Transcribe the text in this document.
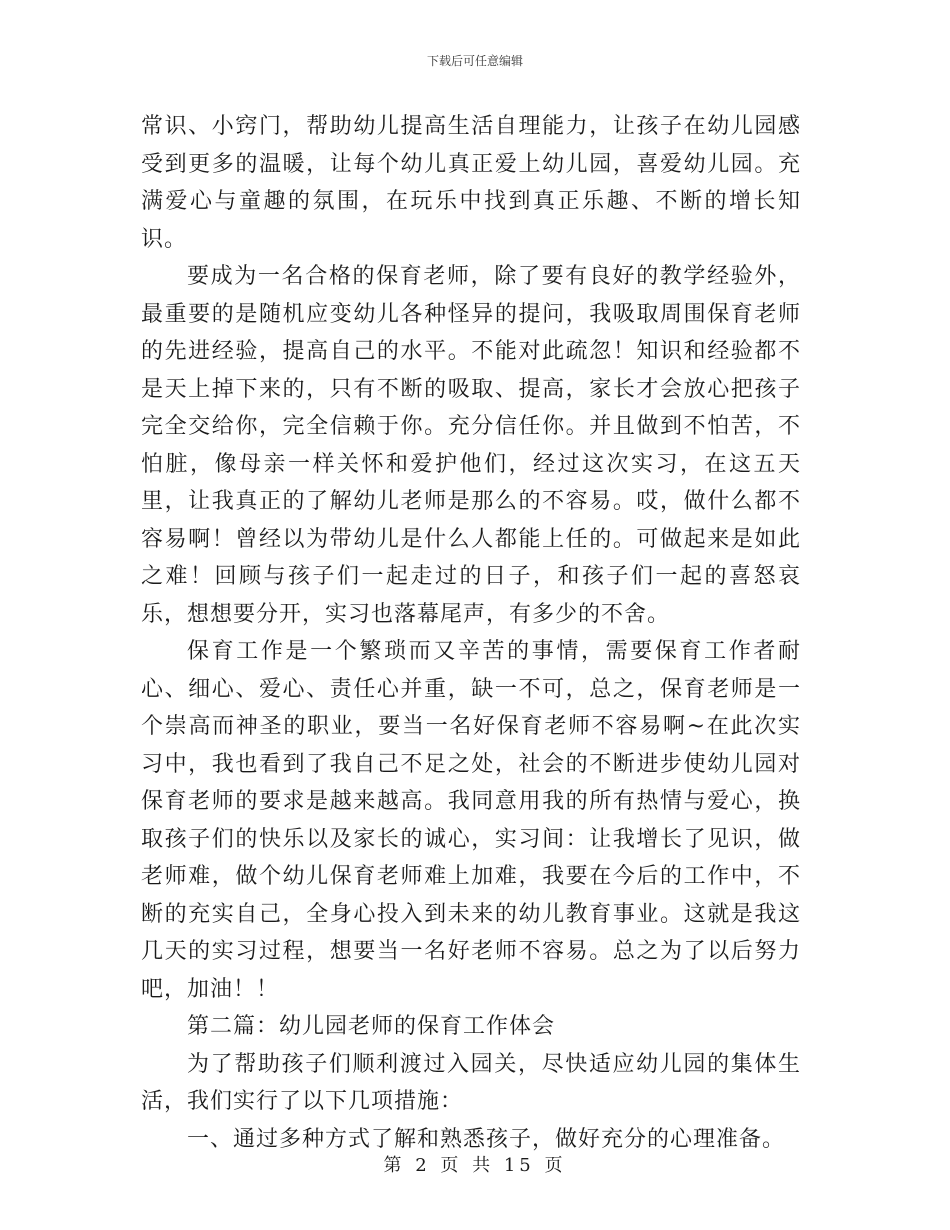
下载后可任意编辑

常识、小窍门，帮助幼儿提高生活自理能力，让孩子在幼儿园感受到更多的温暖，让每个幼儿真正爱上幼儿园，喜爱幼儿园。充满爱心与童趣的氛围，在玩乐中找到真正乐趣、不断的增长知识。

要成为一名合格的保育老师，除了要有良好的教学经验外，最重要的是随机应变幼儿各种怪异的提问，我吸取周围保育老师的先进经验，提高自己的水平。不能对此疏忽！知识和经验都不是天上掉下来的，只有不断的吸取、提高，家长才会放心把孩子完全交给你，完全信赖于你。充分信任你。并且做到不怕苦，不怕脏，像母亲一样关怀和爱护他们，经过这次实习，在这五天里，让我真正的了解幼儿老师是那么的不容易。哎，做什么都不容易啊！曾经以为带幼儿是什么人都能上任的。可做起来是如此之难！回顾与孩子们一起走过的日子，和孩子们一起的喜怒哀乐，想想要分开，实习也落幕尾声，有多少的不舍。

保育工作是一个繁琐而又辛苦的事情，需要保育工作者耐心、细心、爱心、责任心并重，缺一不可，总之，保育老师是一个崇高而神圣的职业，要当一名好保育老师不容易啊~在此次实习中，我也看到了我自己不足之处，社会的不断进步使幼儿园对保育老师的要求是越来越高。我同意用我的所有热情与爱心，换取孩子们的快乐以及家长的诚心，实习间：让我增长了见识，做老师难，做个幼儿保育老师难上加难，我要在今后的工作中，不断的充实自己，全身心投入到未来的幼儿教育事业。这就是我这几天的实习过程，想要当一名好老师不容易。总之为了以后努力吧，加油！！

第二篇：幼儿园老师的保育工作体会

为了帮助孩子们顺利渡过入园关，尽快适应幼儿园的集体生活，我们实行了以下几项措施：

一、通过多种方式了解和熟悉孩子，做好充分的心理准备。

第 2 页 共 15 页
